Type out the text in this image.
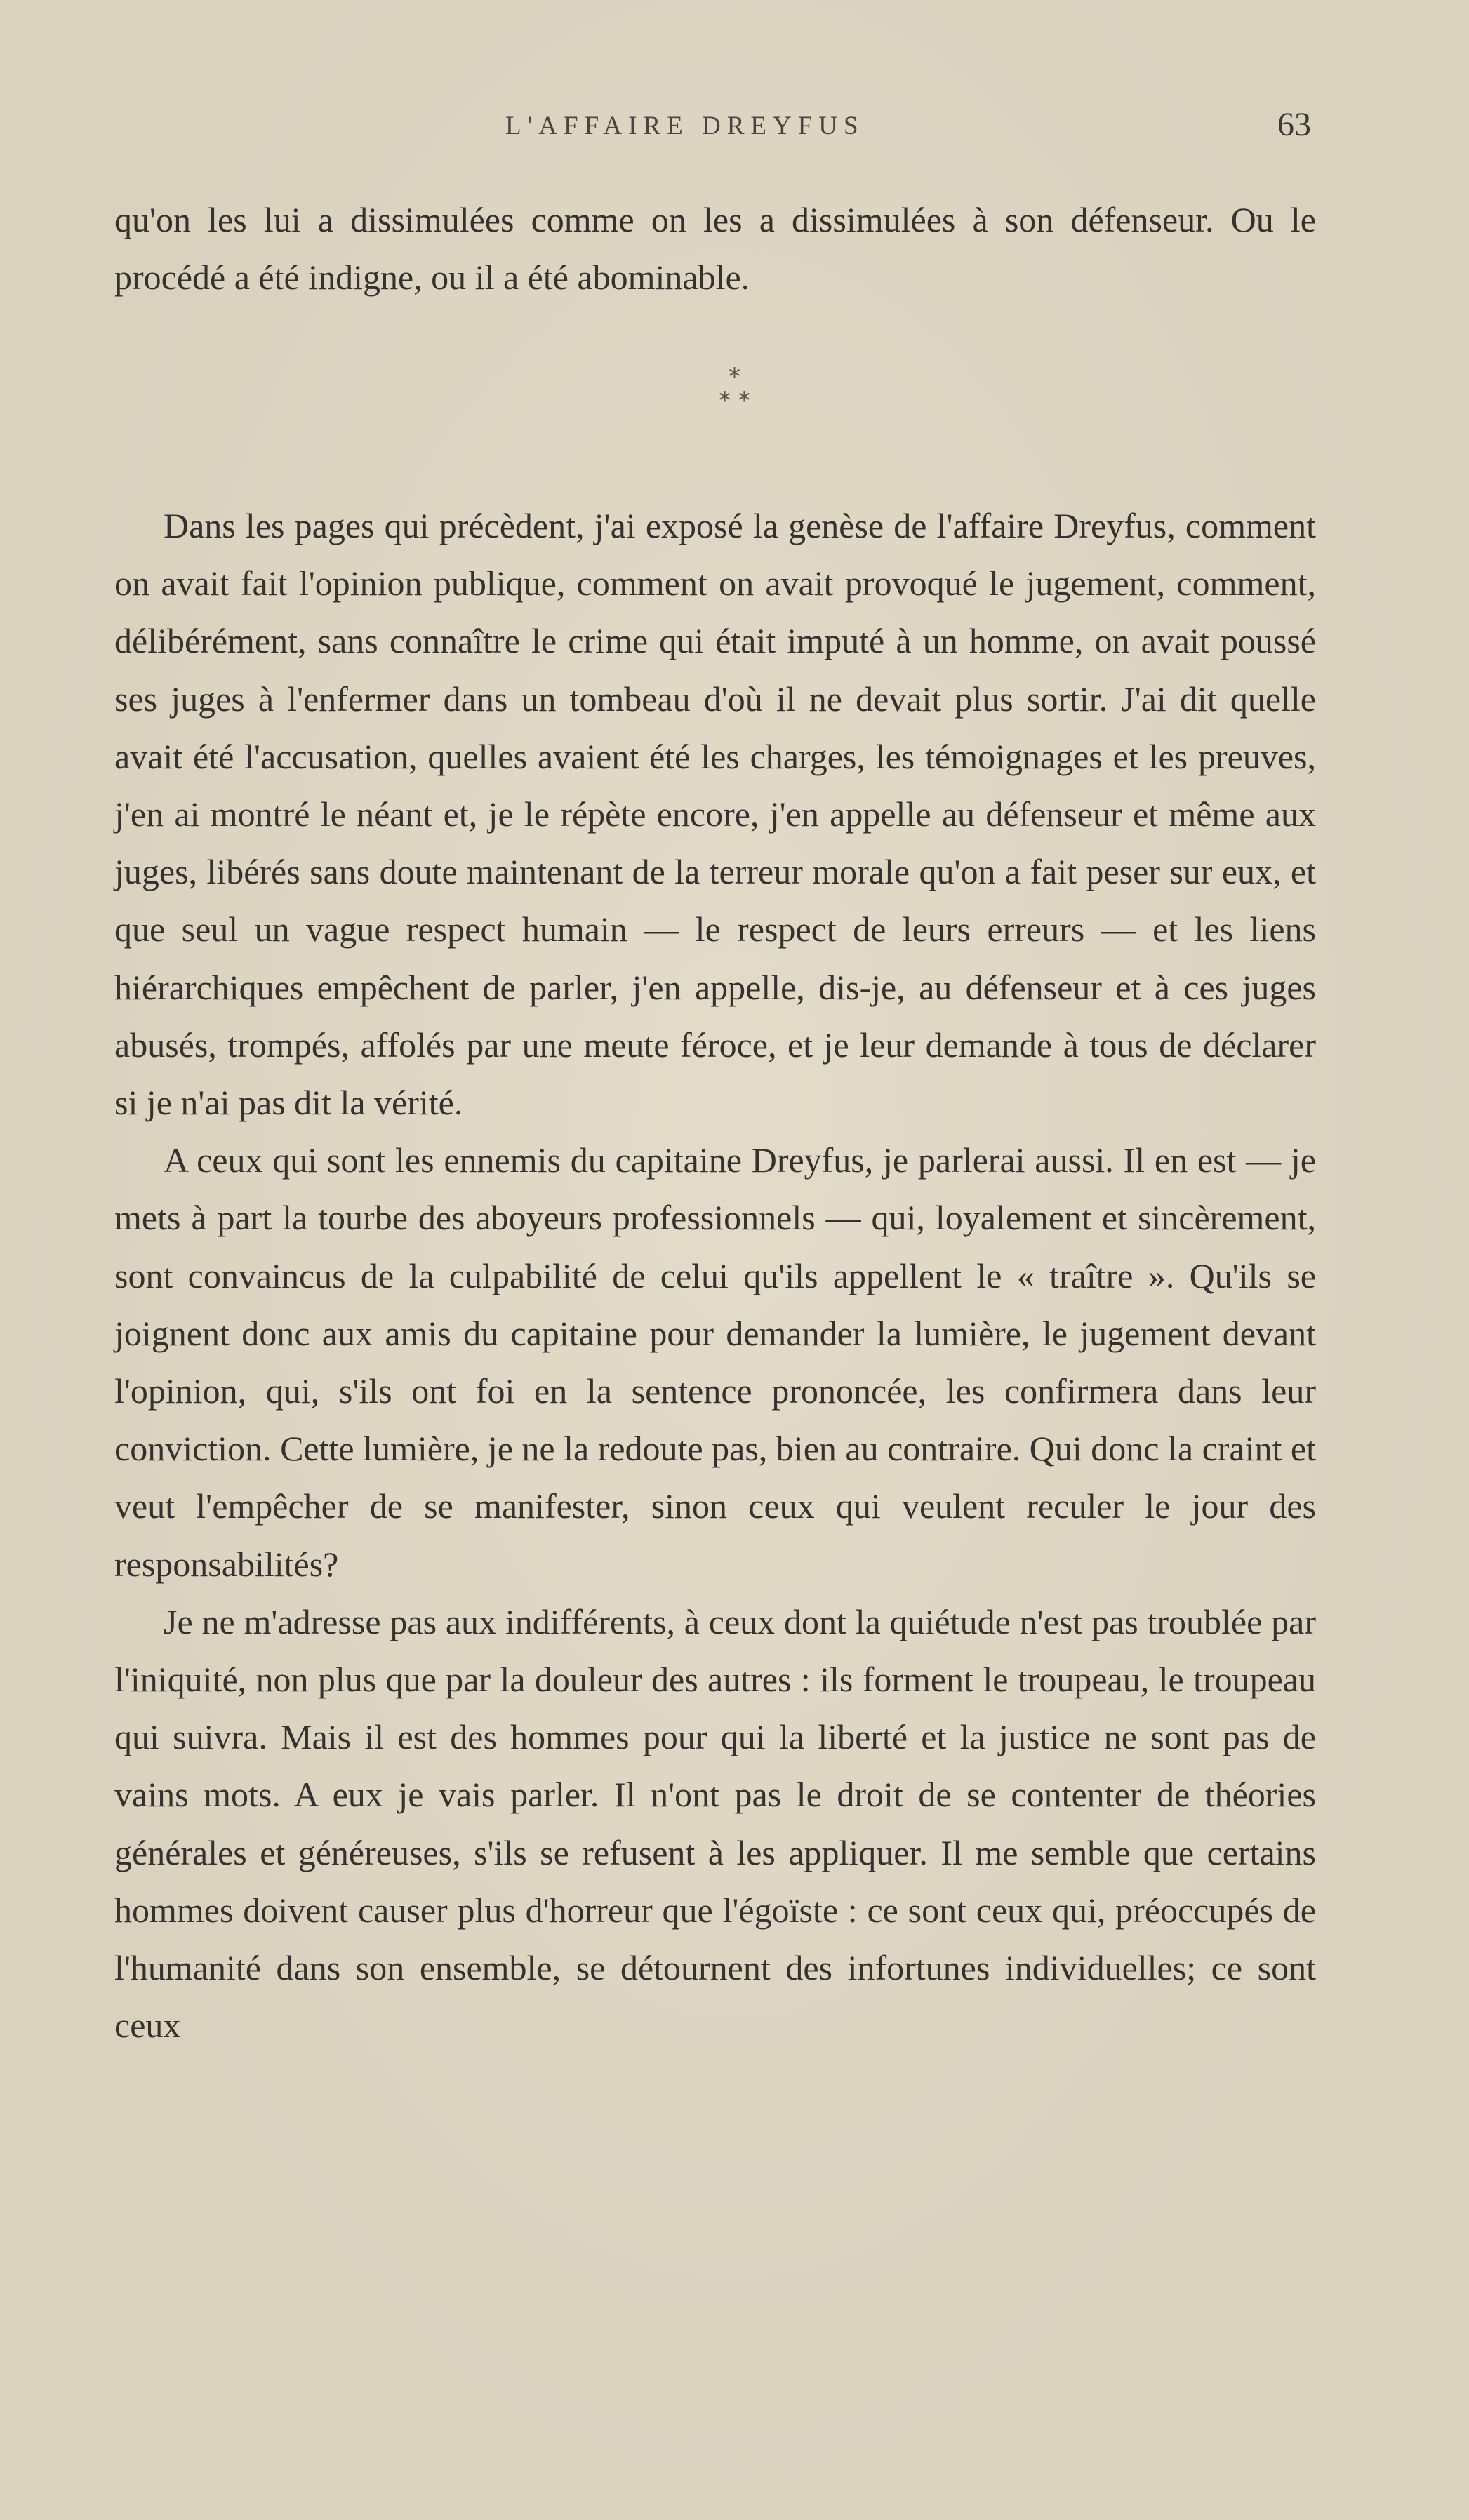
L'AFFAIRE DREYFUS	63

qu'on les lui a dissimulées comme on les a dissimulées à son défenseur. Ou le procédé a été indigne, ou il a été abominable.

*
* *

Dans les pages qui précèdent, j'ai exposé la genèse de l'affaire Dreyfus, comment on avait fait l'opinion publique, comment on avait provoqué le jugement, comment, délibérément, sans connaître le crime qui était imputé à un homme, on avait poussé ses juges à l'enfermer dans un tombeau d'où il ne devait plus sortir. J'ai dit quelle avait été l'accusation, quelles avaient été les charges, les témoignages et les preuves, j'en ai montré le néant et, je le répète encore, j'en appelle au défenseur et même aux juges, libérés sans doute maintenant de la terreur morale qu'on a fait peser sur eux, et que seul un vague respect humain — le respect de leurs erreurs — et les liens hiérarchiques empêchent de parler, j'en appelle, dis-je, au défenseur et à ces juges abusés, trompés, affolés par une meute féroce, et je leur demande à tous de déclarer si je n'ai pas dit la vérité.

A ceux qui sont les ennemis du capitaine Dreyfus, je parlerai aussi. Il en est — je mets à part la tourbe des aboyeurs professionnels — qui, loyalement et sincèrement, sont convaincus de la culpabilité de celui qu'ils appellent le « traître ». Qu'ils se joignent donc aux amis du capitaine pour demander la lumière, le jugement devant l'opinion, qui, s'ils ont foi en la sentence prononcée, les confirmera dans leur conviction. Cette lumière, je ne la redoute pas, bien au contraire. Qui donc la craint et veut l'empêcher de se manifester, sinon ceux qui veulent reculer le jour des responsabilités?

Je ne m'adresse pas aux indifférents, à ceux dont la quiétude n'est pas troublée par l'iniquité, non plus que par la douleur des autres : ils forment le troupeau, le troupeau qui suivra. Mais il est des hommes pour qui la liberté et la justice ne sont pas de vains mots. A eux je vais parler. Il n'ont pas le droit de se contenter de théories générales et généreuses, s'ils se refusent à les appliquer. Il me semble que certains hommes doivent causer plus d'horreur que l'égoïste : ce sont ceux qui, préoccupés de l'humanité dans son ensemble, se détournent des infortunes individuelles; ce sont ceux
